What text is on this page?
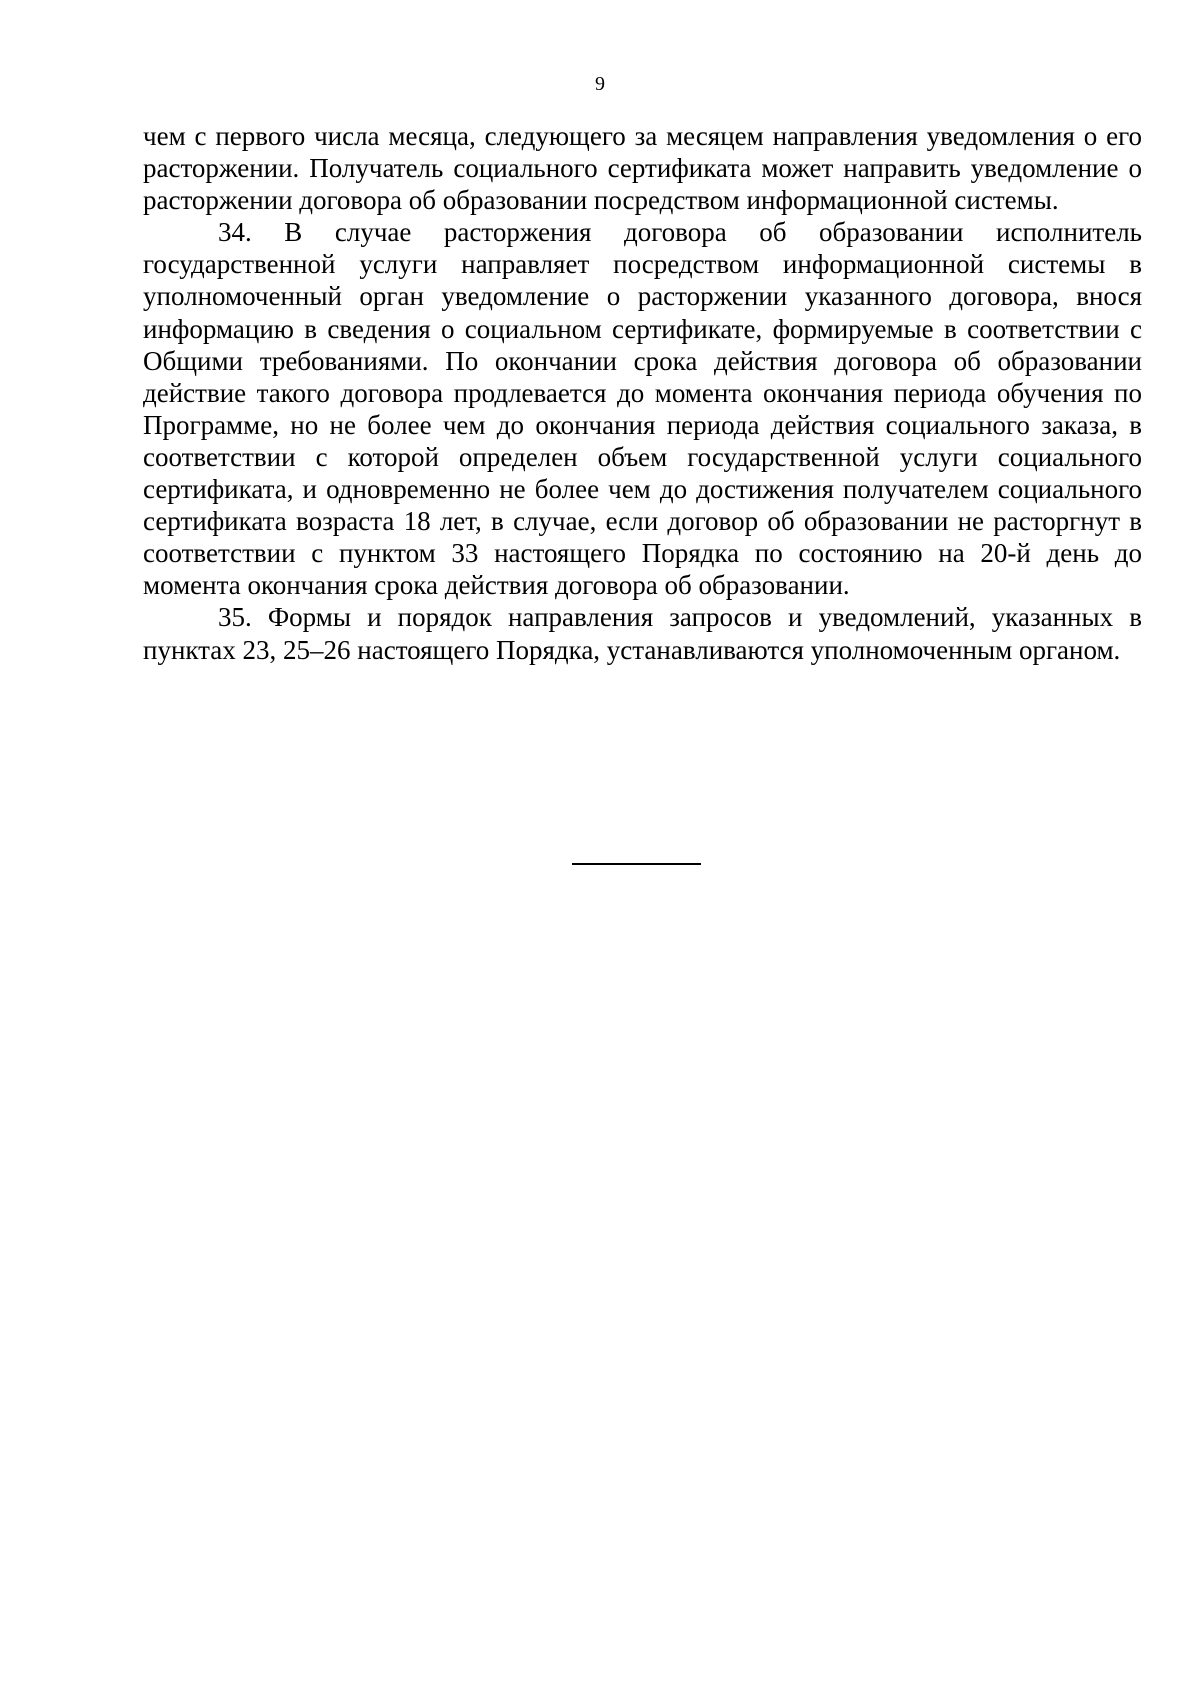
9

чем с первого числа месяца, следующего за месяцем направления уведомления о его расторжении. Получатель социального сертификата может направить уведомление о расторжении договора об образовании посредством информационной системы.

34. В случае расторжения договора об образовании исполнитель государственной услуги направляет посредством информационной системы в уполномоченный орган уведомление о расторжении указанного договора, внося информацию в сведения о социальном сертификате, формируемые в соответствии с Общими требованиями. По окончании срока действия договора об образовании действие такого договора продлевается до момента окончания периода обучения по Программе, но не более чем до окончания периода действия социального заказа, в соответствии с которой определен объем государственной услуги социального сертификата, и одновременно не более чем до достижения получателем социального сертификата возраста 18 лет, в случае, если договор об образовании не расторгнут в соответствии с пунктом 33 настоящего Порядка по состоянию на 20-й день до момента окончания срока действия договора об образовании.

35. Формы и порядок направления запросов и уведомлений, указанных в пунктах 23, 25–26 настоящего Порядка, устанавливаются уполномоченным органом.
